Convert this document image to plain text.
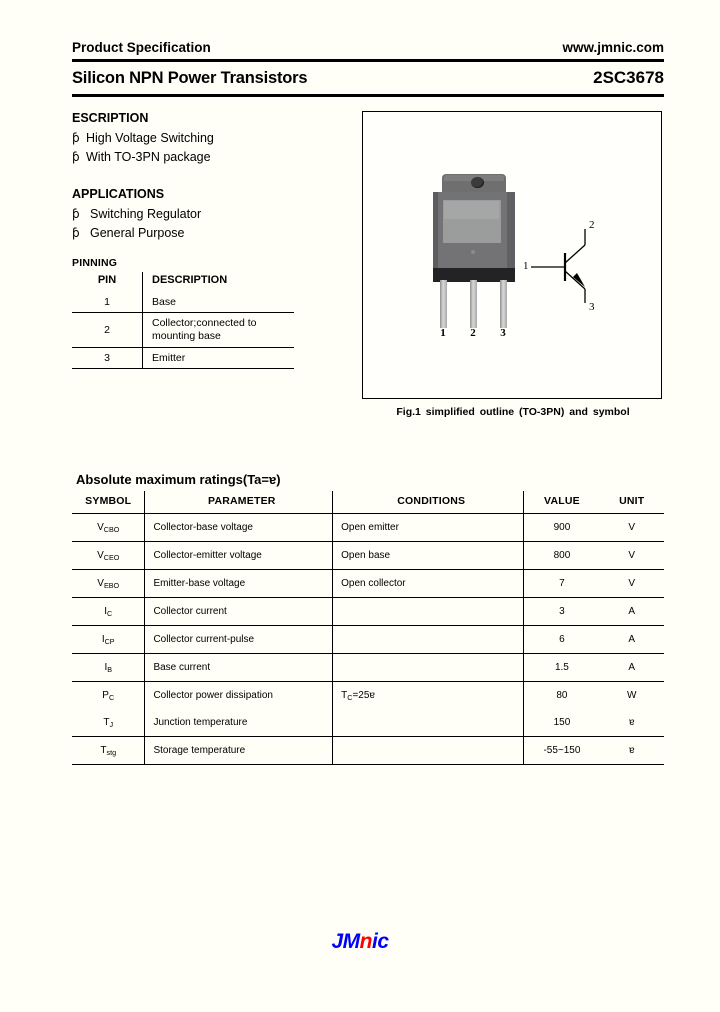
Product Specification	www.jmnic.com
Silicon NPN Power Transistors	2SC3678
ESCRIPTION
ƥ High Voltage Switching
ƥ With TO-3PN package
APPLICATIONS
ƥ Switching Regulator
ƥ General Purpose
PINNING
PIN	DESCRIPTION
1	Base
2	Collector;connected to
mounting base

3	Emitter
1 2 3
1
2
3
Fig.1 simplified outline (TO-3PN) and symbol
Absolute maximum ratings(Ta=ɐ)
SYMBOL	PARAMETER	CONDITIONS	VALUE	UNIT
$V_{CBO}$	Collector-base voltage	Open emitter	900	V
$V_{CEO}$	Collector-emitter voltage	Open base	800	V
$V_{EBO}$	Emitter-base voltage	Open collector	7	V
$I_C$	Collector current		3	A
$I_{CP}$	Collector current-pulse		6	A
$I_B$	Base current		1.5	A
$P_C$	Collector power dissipation	$T_C=25ɐ$	80	W
$T_J$	Junction temperature		150	ɐ
$T_{stg}$	Storage temperature		-55~150	ɐ
JMnic
